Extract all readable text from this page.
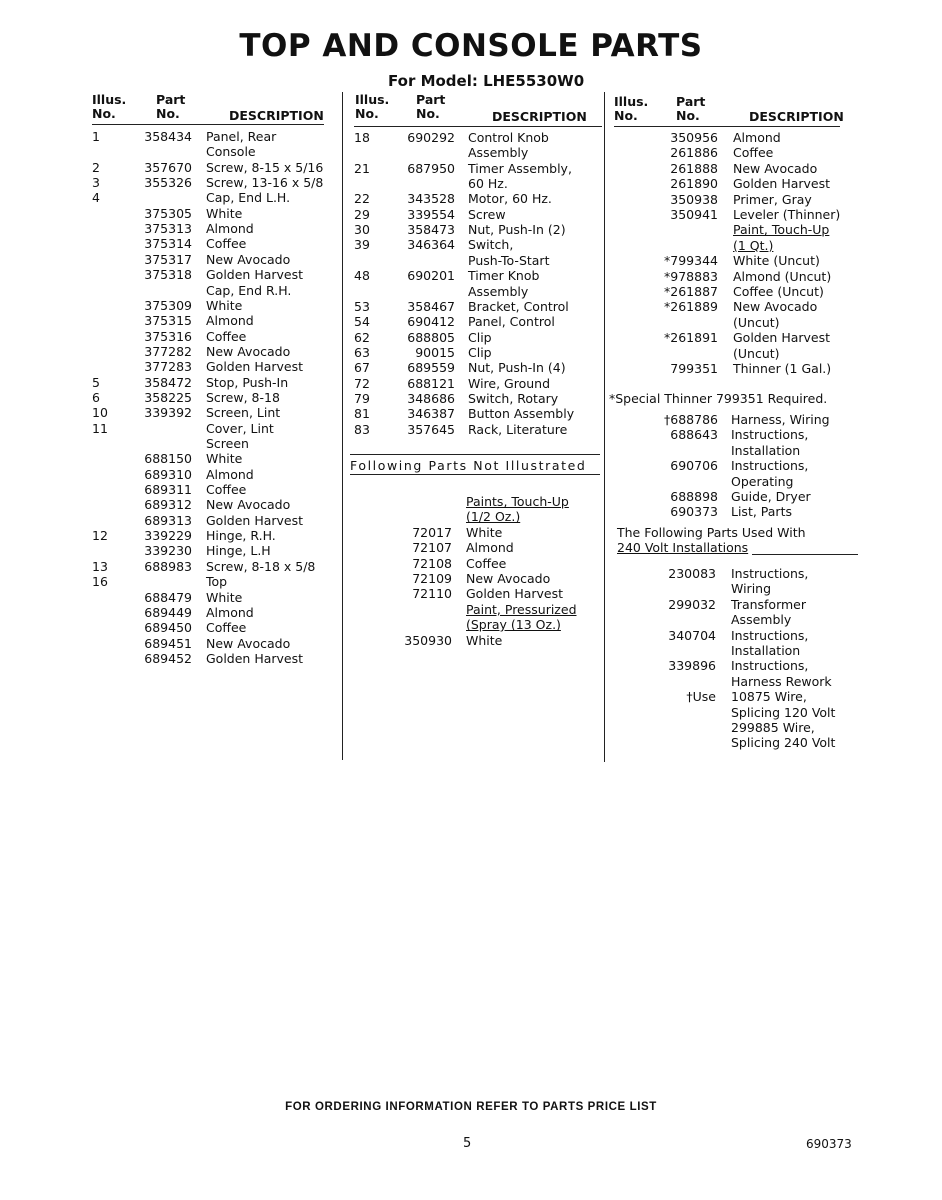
TOP AND CONSOLE PARTS
For Model: LHE5530W0
Illus.
No.
Part
No.	DESCRIPTION
Illus.
No.
Part
No.	DESCRIPTION
Illus.
No.
Part
No.	DESCRIPTION
1	358434 Panel, Rear
Console
2	357670 Screw, 8-15 x 5/16
3	355326 Screw, 13-16 x 5/8
4	Cap, End L.H.
375305 White
375313 Almond
375314 Coffee
375317 New Avocado
375318 Golden Harvest
Cap, End R.H.
375309 White
375315 Almond
375316 Coffee
377282 New Avocado
377283 Golden Harvest
5	358472 Stop, Push-In
6	358225 Screw, 8-18
10	339392 Screen, Lint
11	Cover, Lint
Screen
688150 White
689310 Almond
689311 Coffee
689312 New Avocado
689313 Golden Harvest
12	339229 Hinge, R.H.
339230 Hinge, L.H
13	688983 Screw, 8-18 x 5/8
16	Top
688479 White
689449 Almond
689450 Coffee
689451 New Avocado
689452 Golden Harvest
18	690292 Control Knob
Assembly
21	687950 Timer Assembly,
60 Hz.
22	343528 Motor, 60 Hz.
29	339554 Screw
30	358473 Nut, Push-In (2)
39	346364 Switch,
Push-To-Start
48	690201 Timer Knob
Assembly
53	358467 Bracket, Control
54	690412 Panel, Control
62	688805 Clip
63	90015 Clip
67	689559 Nut, Push-In (4)
72	688121 Wire, Ground
79	348686 Switch, Rotary
81	346387 Button Assembly
83	357645 Rack, Literature
Following Parts Not Illustrated
Paints, Touch-Up
(1/2 Oz.)
72017 White
72107 Almond
72108 Coffee
72109 New Avocado
72110 Golden Harvest
Paint, Pressurized
(Spray (13 Oz.)
350930 White
350956 Almond
261886 Coffee
261888 New Avocado
261890 Golden Harvest
350938 Primer, Gray
350941 Leveler (Thinner)
Paint, Touch-Up
(1 Qt.)
*799344 White (Uncut)
*978883 Almond (Uncut)
*261887 Coffee (Uncut)
*261889 New Avocado
(Uncut)
*261891 Golden Harvest
(Uncut)
799351 Thinner (1 Gal.)
*Special Thinner 799351 Required.
†688786 Harness, Wiring
688643 Instructions,
Installation
690706 Instructions,
Operating
688898 Guide, Dryer
690373 List, Parts
The Following Parts Used With
240 Volt Installations
230083 Instructions,
Wiring
299032 Transformer
Assembly
340704 Instructions,
Installation
339896 Instructions,
Harness Rework
†Use 10875 Wire,
Splicing 120 Volt
299885 Wire,
Splicing 240 Volt
FOR ORDERING INFORMATION REFER TO PARTS PRICE LIST
5	690373
